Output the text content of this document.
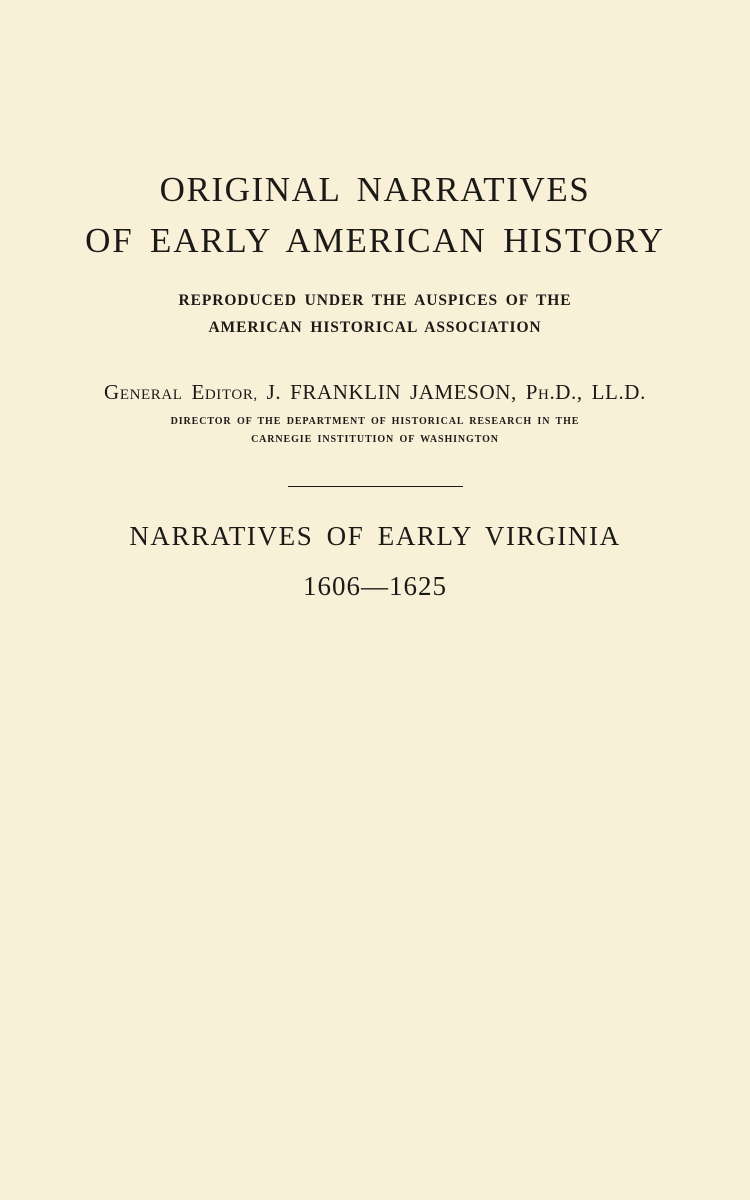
ORIGINAL NARRATIVES
OF EARLY AMERICAN HISTORY
REPRODUCED UNDER THE AUSPICES OF THE
AMERICAN HISTORICAL ASSOCIATION
GENERAL EDITOR, J. FRANKLIN JAMESON, PH.D., LL.D.
DIRECTOR OF THE DEPARTMENT OF HISTORICAL RESEARCH IN THE
CARNEGIE INSTITUTION OF WASHINGTON
NARRATIVES OF EARLY VIRGINIA
1606—1625
